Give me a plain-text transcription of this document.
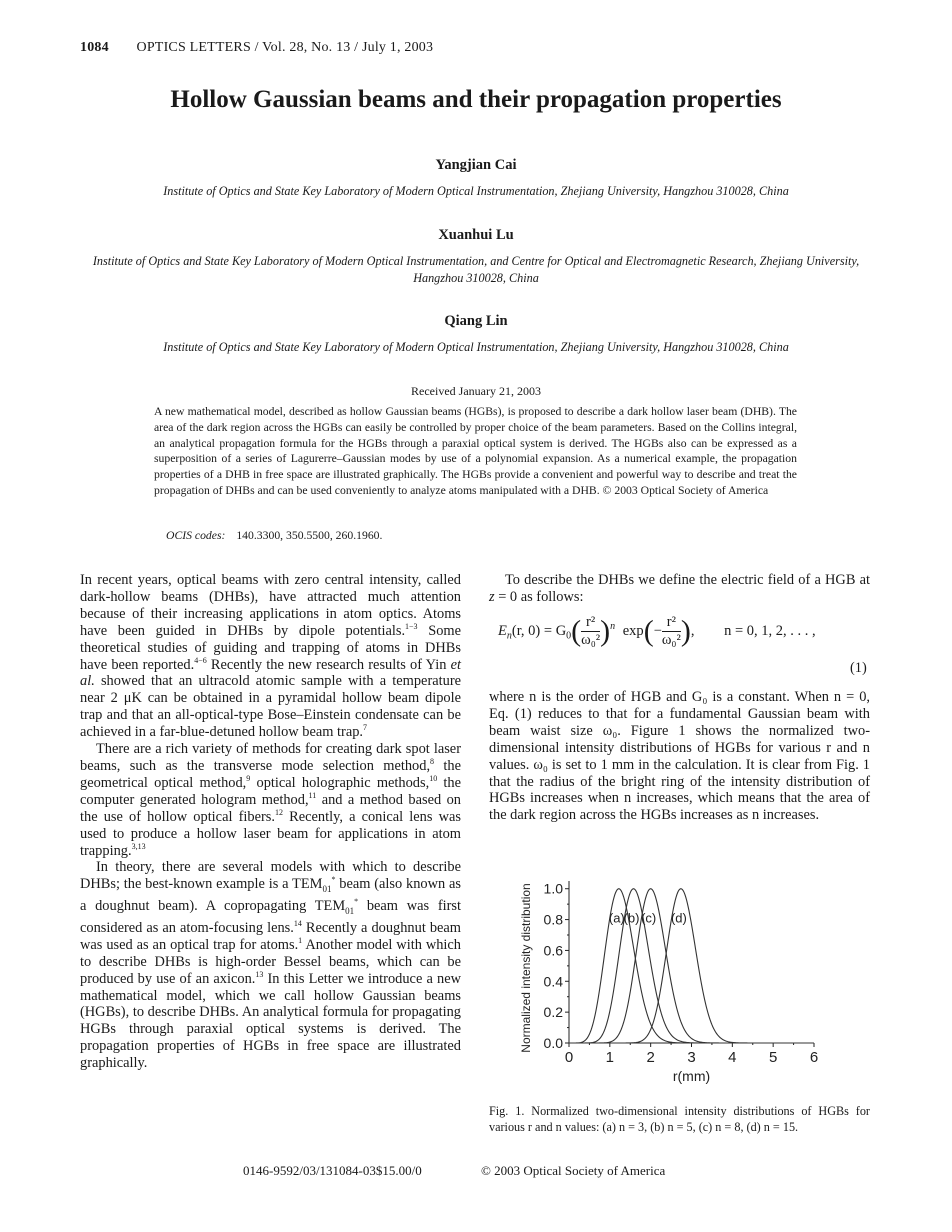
1084 OPTICS LETTERS / Vol. 28, No. 13 / July 1, 2003
Hollow Gaussian beams and their propagation properties
Yangjian Cai
Institute of Optics and State Key Laboratory of Modern Optical Instrumentation, Zhejiang University, Hangzhou 310028, China
Xuanhui Lu
Institute of Optics and State Key Laboratory of Modern Optical Instrumentation, and Centre for Optical and Electromagnetic Research, Zhejiang University, Hangzhou 310028, China
Qiang Lin
Institute of Optics and State Key Laboratory of Modern Optical Instrumentation, Zhejiang University, Hangzhou 310028, China
Received January 21, 2003
A new mathematical model, described as hollow Gaussian beams (HGBs), is proposed to describe a dark hollow laser beam (DHB). The area of the dark region across the HGBs can easily be controlled by proper choice of the beam parameters. Based on the Collins integral, an analytical propagation formula for the HGBs through a paraxial optical system is derived. The HGBs also can be expressed as a superposition of a series of Lagurerre–Gaussian modes by use of a polynomial expansion. As a numerical example, the propagation properties of a DHB in free space are illustrated graphically. The HGBs provide a convenient and powerful way to describe and treat the propagation of DHBs and can be used conveniently to analyze atoms manipulated with a DHB. © 2003 Optical Society of America
OCIS codes: 140.3300, 350.5500, 260.1960.

In recent years, optical beams with zero central intensity, called dark-hollow beams (DHBs), have attracted much attention because of their increasing applications in atom optics. Atoms have been guided in DHBs by dipole potentials.$^{1-3}$ Some theoretical studies of guiding and trapping of atoms in DHBs have been reported.$^{4-6}$ Recently the new research results of Yin et al. showed that an ultracold atomic sample with a temperature near 2 μK can be obtained in a pyramidal hollow beam dipole trap and that an all-optical-type Bose–Einstein condensate can be achieved in a far-blue-detuned hollow beam trap.$^7$

There are a rich variety of methods for creating dark spot laser beams, such as the transverse mode selection method,$^8$ the geometrical optical method,$^9$ optical holographic methods,$^{10}$ the computer generated hologram method,$^{11}$ and a method based on the use of hollow optical fibers.$^{12}$ Recently, a conical lens was used to produce a hollow laser beam for applications in atom trapping.$^{3,13}$

In theory, there are several models with which to describe DHBs; the best-known example is a $TEM_{01}^*$ beam (also known as a doughnut beam). A copropagating $TEM_{01}^*$ beam was first considered as an atom-focusing lens.$^{14}$ Recently a doughnut beam was used as an optical trap for atoms.$^1$ Another model with which to describe DHBs is high-order Bessel beams, which can be produced by use of an axicon.$^{13}$ In this Letter we introduce a new mathematical model, which we call hollow Gaussian beams (HGBs), to describe DHBs. An analytical formula for propagating HGBs through paraxial optical systems is derived. The propagation properties of HGBs in free space are illustrated graphically.

To describe the DHBs we define the electric field of a HGB at z = 0 as follows:

$E_n(r$, $0) = G_0( \frac{\text{r²}}{\text{ω₀²}} )^n$ $\exp(- \frac{\text{r²}}{\text{ω₀²}}$ ), n = 0, 1, 2, . . . ,
(1)

where n is the order of HGB and G₀ is a constant. When n = 0, Eq. (1) reduces to that for a fundamental Gaussian beam with beam waist size ω₀. Figure 1 shows the normalized two-dimensional intensity distributions of HGBs for various r and n values. ω₀ is set to 1 mm in the calculation. It is clear from Fig. 1 that the radius of the bright ring of the intensity distribution of HGBs increases when n increases, which means that the area of the dark region across the HGBs increases as n increases.

0 1 2 3 4 5 6
0.0
0.2
0.4
0.6
0.8
1.0
r(mm)
Normalized intensity distribution	(a)
(b) (c) (d)
Fig. 1. Normalized two-dimensional intensity distributions of HGBs for various r and n values: (a) n = 3, (b) n = 5, (c) n = 8, (d) n = 15.
0146-9592/03/131084-03$15.00/0	© 2003 Optical Society of America
